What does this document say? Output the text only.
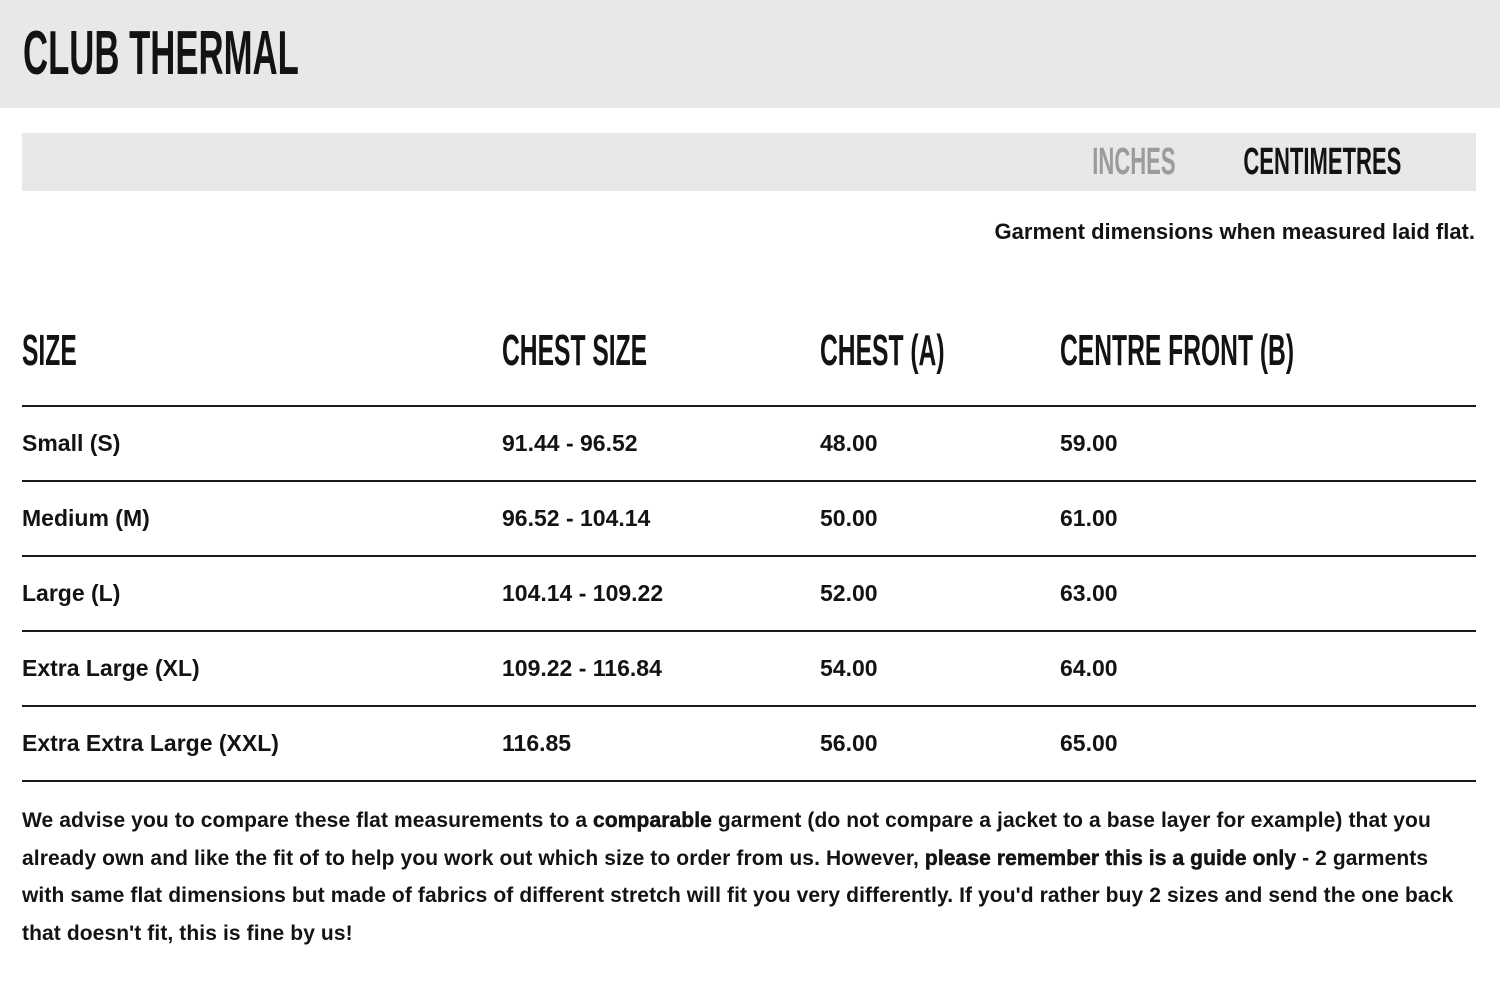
CLUB THERMAL
INCHES CENTIMETRES
Garment dimensions when measured laid flat.
SIZE	CHEST SIZE	CHEST (A)	CENTRE FRONT (B)
Small (S)	91.44 - 96.52	48.00	59.00
Medium (M)	96.52 - 104.14	50.00	61.00
Large (L)	104.14 - 109.22	52.00	63.00
Extra Large (XL)	109.22 - 116.84	54.00	64.00
Extra Extra Large (XXL)	116.85	56.00	65.00

We advise you to compare these flat measurements to a comparable garment (do not compare a jacket to a base layer for example) that you already own and like the fit of to help you work out which size to order from us. However, please remember this is a guide only - 2 garments with same flat dimensions but made of fabrics of different stretch will fit you very differently. If you'd rather buy 2 sizes and send the one back that doesn't fit, this is fine by us!
